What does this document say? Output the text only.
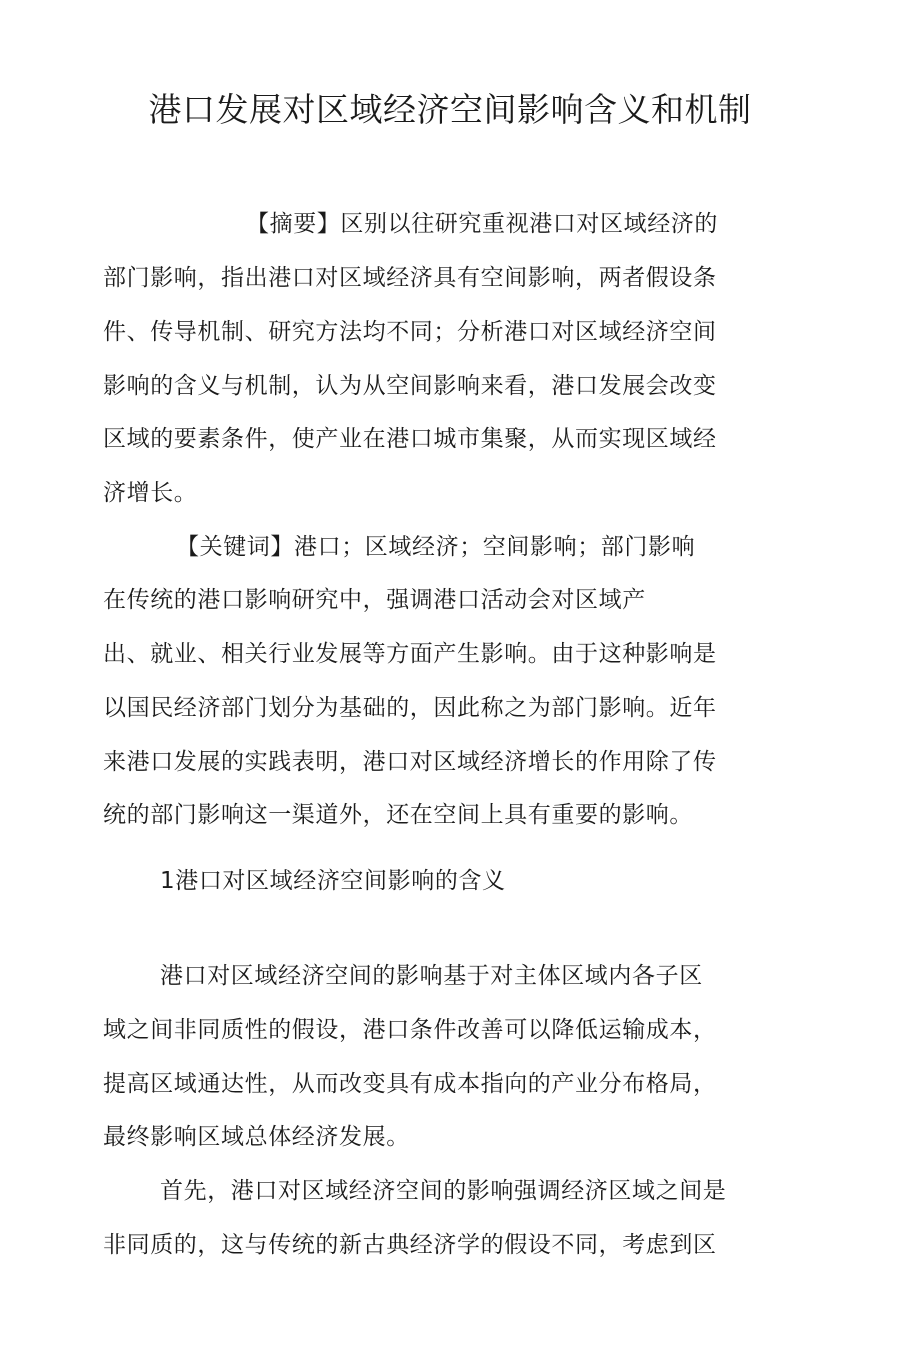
港口发展对区域经济空间影响含义和机制

【摘要】区别以往研究重视港口对区域经济的

部门影响，指出港口对区域经济具有空间影响，两者假设条

件、传导机制、研究方法均不同；分析港口对区域经济空间

影响的含义与机制，认为从空间影响来看，港口发展会改变

区域的要素条件，使产业在港口城市集聚，从而实现区域经

济增长。

【关键词】港口；区域经济；空间影响；部门影响

在传统的港口影响研究中，强调港口活动会对区域产

出、就业、相关行业发展等方面产生影响。由于这种影响是

以国民经济部门划分为基础的，因此称之为部门影响。近年

来港口发展的实践表明，港口对区域经济增长的作用除了传

统的部门影响这一渠道外，还在空间上具有重要的影响。

1港口对区域经济空间影响的含义

港口对区域经济空间的影响基于对主体区域内各子区

域之间非同质性的假设，港口条件改善可以降低运输成本，

提高区域通达性，从而改变具有成本指向的产业分布格局，

最终影响区域总体经济发展。

首先，港口对区域经济空间的影响强调经济区域之间是

非同质的，这与传统的新古典经济学的假设不同，考虑到区
